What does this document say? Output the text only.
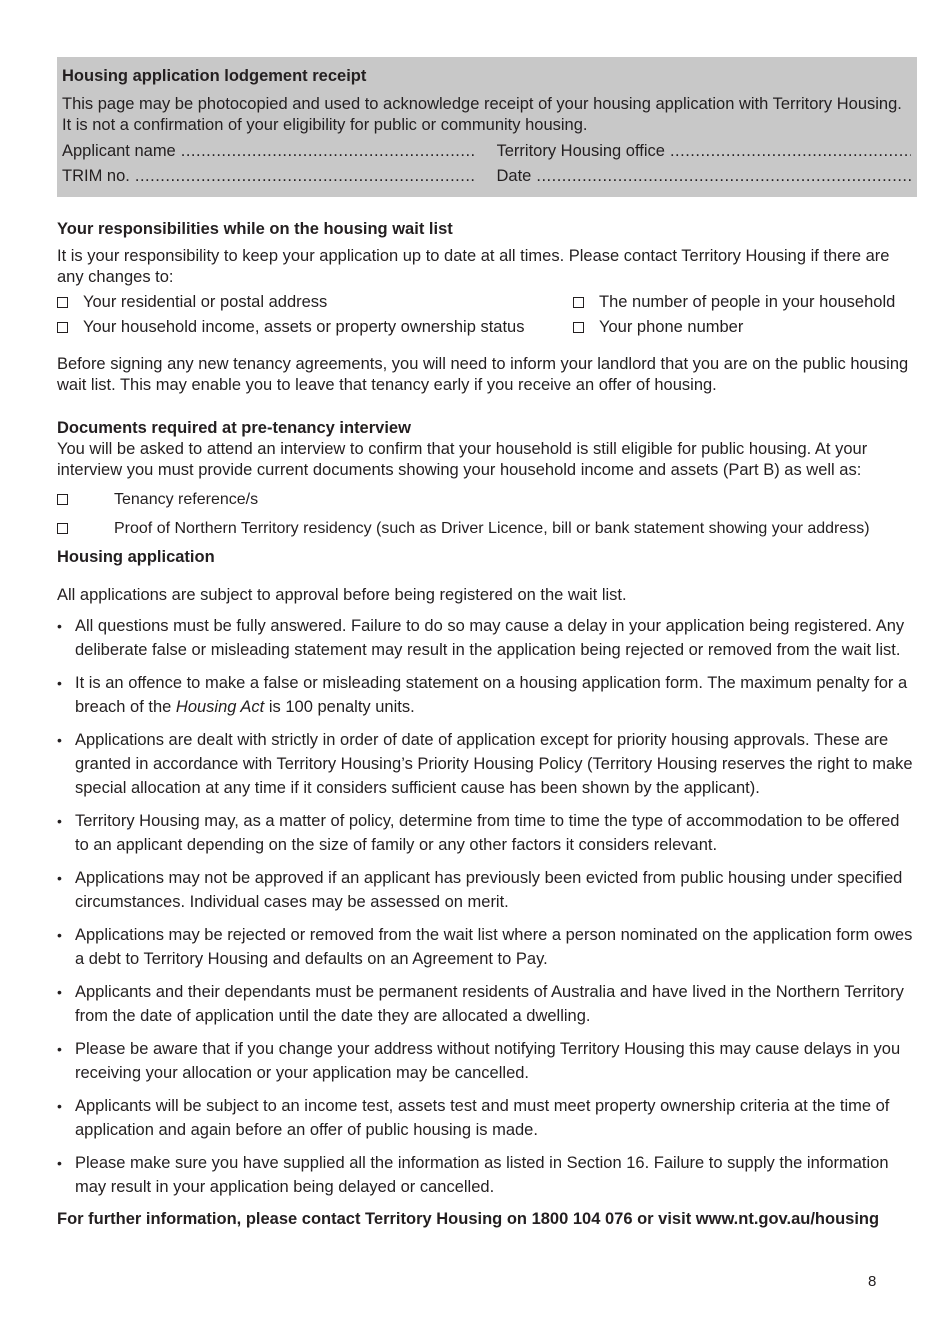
Housing application lodgement receipt

This page may be photocopied and used to acknowledge receipt of your housing application with Territory Housing. It is not a confirmation of your eligibility for public or community housing.

Applicant name .....	Territory Housing office
.....
TRIM no. .....	Date
.....
Your responsibilities while on the housing wait list

It is your responsibility to keep your application up to date at all times. Please contact Territory Housing if there are any changes to:

Your residential or postal address	The number of people in your household
Your household income, assets or property ownership status	Your phone number

Before signing any new tenancy agreements, you will need to inform your landlord that you are on the public housing wait list. This may enable you to leave that tenancy early if you receive an offer of housing.

Documents required at pre-tenancy interview

You will be asked to attend an interview to confirm that your household is still eligible for public housing. At your interview you must provide current documents showing your household income and assets (Part B) as well as:

Tenancy reference/s
Proof of Northern Territory residency (such as Driver Licence, bill or bank statement showing your address)
Housing application

All applications are subject to approval before being registered on the wait list.

• All questions must be fully answered. Failure to do so may cause a delay in your application being registered. Any deliberate false or misleading statement may result in the application being rejected or removed from the wait list.
• It is an offence to make a false or misleading statement on a housing application form. The maximum penalty for a breach of the Housing Act is 100 penalty units.
• Applications are dealt with strictly in order of date of application except for priority housing approvals. These are granted in accordance with Territory Housing’s Priority Housing Policy (Territory Housing reserves the right to make special allocation at any time if it considers sufficient cause has been shown by the applicant).
• Territory Housing may, as a matter of policy, determine from time to time the type of accommodation to be offered to an applicant depending on the size of family or any other factors it considers relevant.
• Applications may not be approved if an applicant has previously been evicted from public housing under specified circumstances. Individual cases may be assessed on merit.
• Applications may be rejected or removed from the wait list where a person nominated on the application form owes a debt to Territory Housing and defaults on an Agreement to Pay.
• Applicants and their dependants must be permanent residents of Australia and have lived in the Northern Territory from the date of application until the date they are allocated a dwelling.
• Please be aware that if you change your address without notifying Territory Housing this may cause delays in you receiving your allocation or your application may be cancelled.
• Applicants will be subject to an income test, assets test and must meet property ownership criteria at the time of application and again before an offer of public housing is made.
• Please make sure you have supplied all the information as listed in Section 16. Failure to supply the information may result in your application being delayed or cancelled.

For further information, please contact Territory Housing on 1800 104 076 or visit www.nt.gov.au/housing

8
